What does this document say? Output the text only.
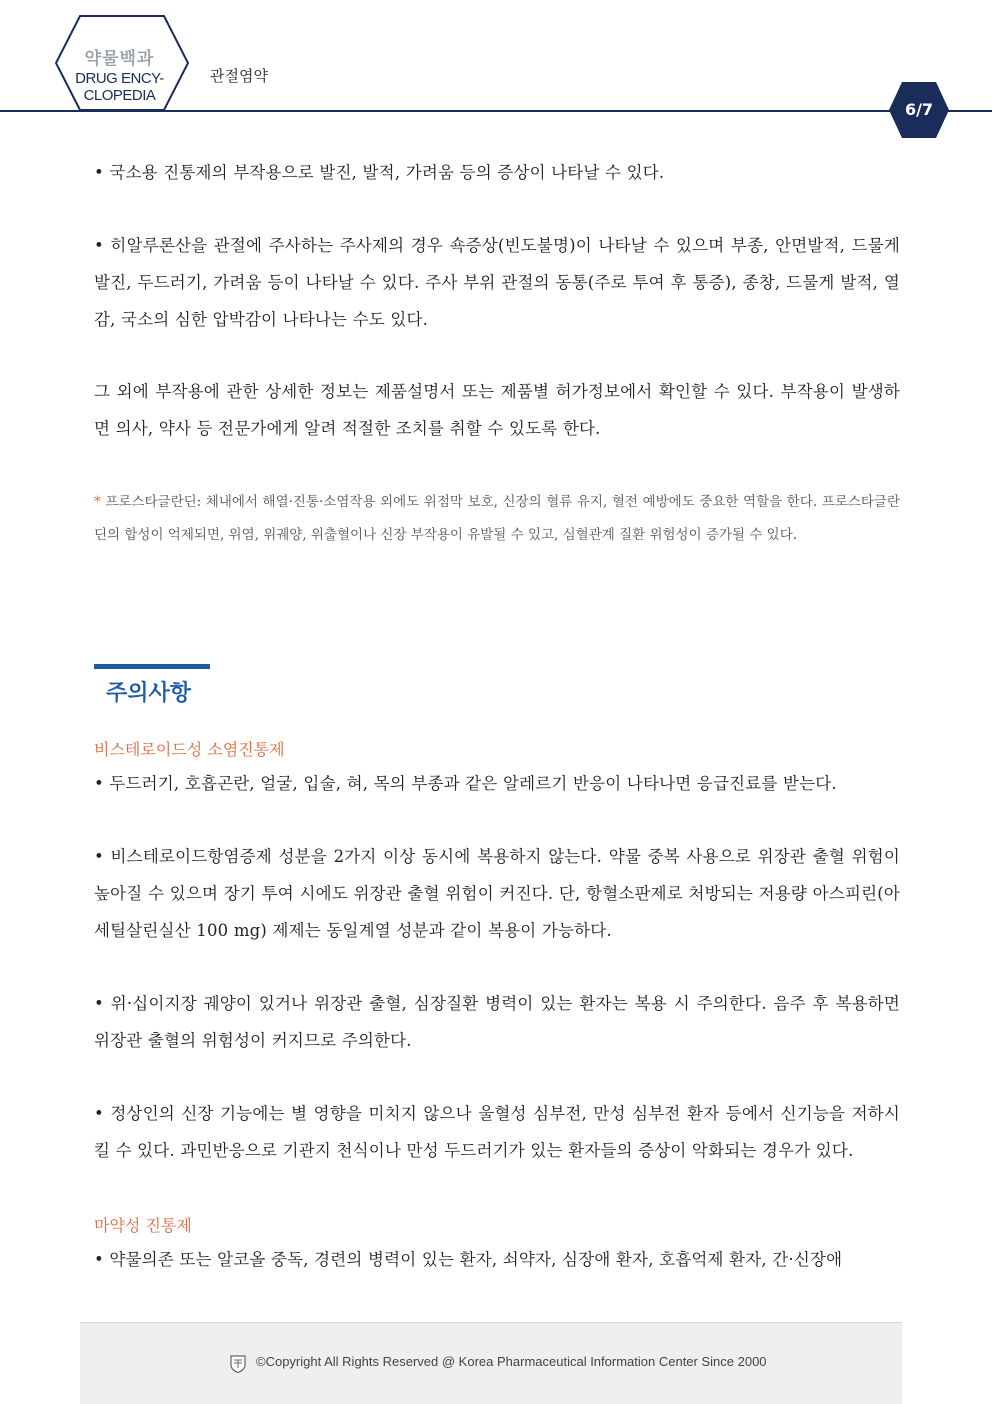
약물백과
DRUG ENCY-
CLOPEDIA
관절염약
6/7
• 국소용 진통제의 부작용으로 발진, 발적, 가려움 등의 증상이 나타날 수 있다.
• 히알루론산을 관절에 주사하는 주사제의 경우 쇽증상(빈도불명)이 나타날 수 있으며 부종, 안면발적, 드물게 발진, 두드러기, 가려움 등이 나타날 수 있다. 주사 부위 관절의 동통(주로 투여 후 통증), 종창, 드물게 발적, 열감, 국소의 심한 압박감이 나타나는 수도 있다.
그 외에 부작용에 관한 상세한 정보는 제품설명서 또는 제품별 허가정보에서 확인할 수 있다. 부작용이 발생하면 의사, 약사 등 전문가에게 알려 적절한 조치를 취할 수 있도록 한다.
* 프로스타글란딘: 체내에서 해열·진통·소염작용 외에도 위점막 보호, 신장의 혈류 유지, 혈전 예방에도 중요한 역할을 한다. 프로스타글란딘의 합성이 억제되면, 위염, 위궤양, 위출혈이나 신장 부작용이 유발될 수 있고, 심혈관계 질환 위험성이 증가될 수 있다.
주의사항
비스테로이드성 소염진통제
• 두드러기, 호흡곤란, 얼굴, 입술, 혀, 목의 부종과 같은 알레르기 반응이 나타나면 응급진료를 받는다.
• 비스테로이드항염증제 성분을 2가지 이상 동시에 복용하지 않는다. 약물 중복 사용으로 위장관 출혈 위험이 높아질 수 있으며 장기 투여 시에도 위장관 출혈 위험이 커진다. 단, 항혈소판제로 처방되는 저용량 아스피린(아세틸살린실산 100 mg) 제제는 동일계열 성분과 같이 복용이 가능하다.
• 위·십이지장 궤양이 있거나 위장관 출혈, 심장질환 병력이 있는 환자는 복용 시 주의한다. 음주 후 복용하면 위장관 출혈의 위험성이 커지므로 주의한다.
• 정상인의 신장 기능에는 별 영향을 미치지 않으나 울혈성 심부전, 만성 심부전 환자 등에서 신기능을 저하시킬 수 있다. 과민반응으로 기관지 천식이나 만성 두드러기가 있는 환자들의 증상이 악화되는 경우가 있다.
마약성 진통제
• 약물의존 또는 알코올 중독, 경련의 병력이 있는 환자, 쇠약자, 심장애 환자, 호흡억제 환자, 간·신장애
©Copyright All Rights Reserved @ Korea Pharmaceutical Information Center Since 2000
